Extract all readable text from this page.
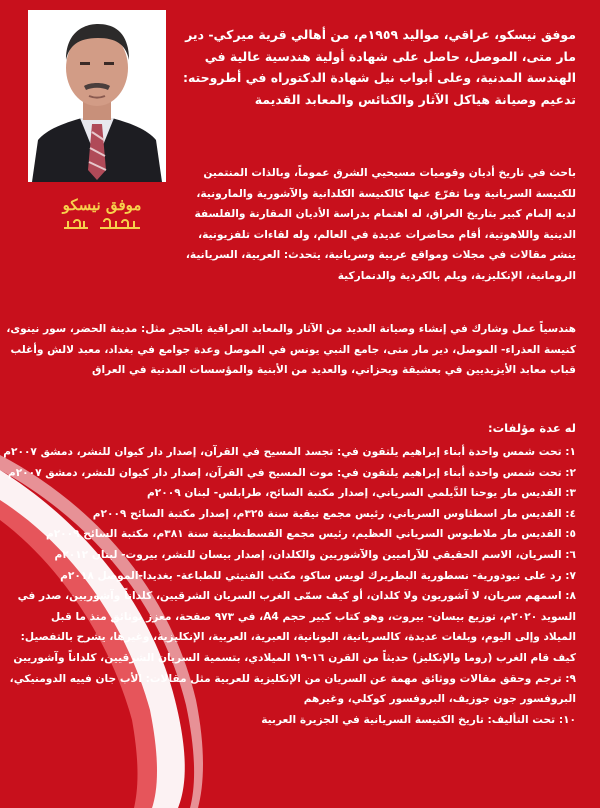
موفق نيسكو
موفق نيسكو، عراقي، مواليد ١٩٥٩م، من أهالي قرية ميركي- دير
مار متى، الموصل، حاصل على شهادة أولية هندسية عالية في
الهندسة المدنية، وعلى أبواب نيل شهادة الدكتوراه في أطروحته:
تدعيم وصيانة هياكل الآثار والكنائس والمعابد القديمة
باحث في تاريخ أديان وقوميات مسيحيي الشرق عموماً، وبالذات المنتمين
للكنيسة السريانية وما تفرّع عنها كالكنيسة الكلدانية والآشورية والمارونية،
لديه إلمام كبير بتاريخ العراق، له اهتمام بدراسة الأديان المقارنة والفلسفة
الدينية واللاهوتية، أقام محاضرات عديدة في العالم، وله لقاءات تلفزيونية،
ينشر مقالات في مجلات ومواقع عربية وسريانية، يتحدث: العربية، السريانية،
الرومانية، الإنكليزية، ويلم بالكردية والدنماركية
هندسياً عمل وشارك في إنشاء وصيانة العديد من الآثار والمعابد العراقية بالحجر مثل: مدينة الحضر، سور نينوى،
كنيسة العذراء- الموصل، دير مار متى، جامع النبي يونس في الموصل وعدة جوامع في بغداد، معبد لالش وأغلب
قباب معابد الأيزيديين في بعشيقة وبحزاني، والعديد من الأبنية والمؤسسات المدنية في العراق
له عدة مؤلفات:
١: تحت شمس واحدة أبناء إبراهيم يلتقون في: تجسد المسيح في القرآن، إصدار دار كيوان للنشر، دمشق ٢٠٠٧م
٢: تحت شمس واحدة أبناء إبراهيم يلتقون في: موت المسيح في القرآن، إصدار دار كيوان للنشر، دمشق ٢٠٠٧م
٣: القديس مار يوحنا الدَّيلمي السرياني، إصدار مكتبة السائح، طرابلس- لبنان ٢٠٠٩م
٤: القديس مار اسطثاوس السرياني، رئيس مجمع نيقية سنة ٣٢٥م، إصدار مكتبة السائح ٢٠٠٩م
٥: القديس مار ملاطيوس السرياني العظيم، رئيس مجمع القسطنطينية سنة ٣٨١م، مكتبة السائح ٢٠٠٩م
٦: السريان، الاسم الحقيقي للآراميين والآشوريين والكلدان، إصدار بيسان للنشر، بيروت- لبنان ٢٠١٢م
٧: رد على نيودورية- نسطورية البطريرك لويس ساكو، مكتب الفنيتي للطباعة- بغديدا-الموصل ٢٠١٨م
٨: اسمهم سريان، لا آشوريون ولا كلدان، أو كيف سمّى الغرب السريان الشرقيين، كلداناً وآشوريين، صدر في
السويد ٢٠٢٠م، توزيع بيسان- بيروت، وهو كتاب كبير حجم A4، في ٩٧٣ صفحة، معزز بوثائق منذ ما قبل
الميلاد وإلى اليوم، وبلغات عديدة، كالسريانية، اليونانية، العبرية، العربية، الإنكليزية، وغيرها، يشرح بالتفصيل:
كيف قام الغرب (روما والإنكليز) حديثاً من القرن ١٦-١٩ الميلادي، بتسمية السريان الشرقيين، كلداناً وآشوريين
٩: ترجم وحقق مقالات ووثائق مهمة عن السريان من الإنكليزية للعربية مثل مقالات: الأب جان فييه الدومنيكي،
البروفسور جون جوزيف، البروفسور كوكلي، وغيرهم
١٠: تحت التأليف: تاريخ الكنيسة السريانية في الجزيرة العربية
